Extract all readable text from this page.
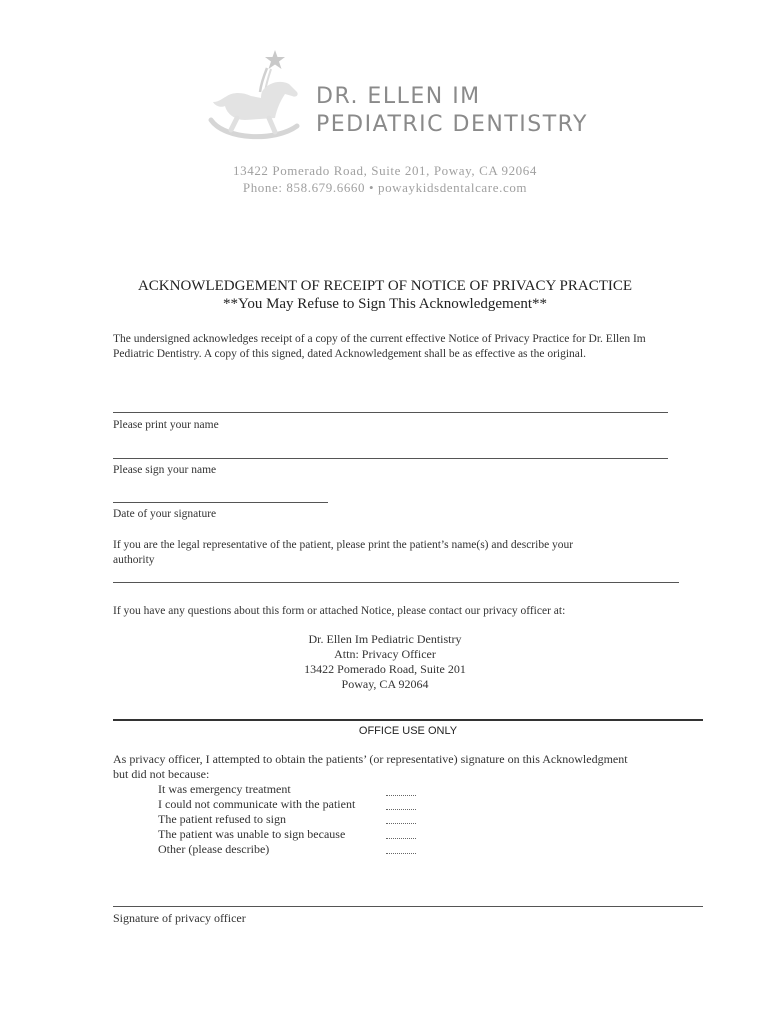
DR. ELLEN IM
PEDIATRIC DENTISTRY
13422 Pomerado Road, Suite 201, Poway, CA 92064
Phone: 858.679.6660 • powaykidsdentalcare.com
ACKNOWLEDGEMENT OF RECEIPT OF NOTICE OF PRIVACY PRACTICE
**You May Refuse to Sign This Acknowledgement**
The undersigned acknowledges receipt of a copy of the current effective Notice of Privacy Practice for Dr. Ellen Im
Pediatric Dentistry. A copy of this signed, dated Acknowledgement shall be as effective as the original.
Please print your name
Please sign your name
Date of your signature
If you are the legal representative of the patient, please print the patient’s name(s) and describe your
authority
If you have any questions about this form or attached Notice, please contact our privacy officer at:
Dr. Ellen Im Pediatric Dentistry
Attn: Privacy Officer
13422 Pomerado Road, Suite 201
Poway, CA 92064
OFFICE USE ONLY
As privacy officer, I attempted to obtain the patients’ (or representative) signature on this Acknowledgment
but did not because:
It was emergency treatment
I could not communicate with the patient
The patient refused to sign
The patient was unable to sign because
Other (please describe)
Signature of privacy officer
